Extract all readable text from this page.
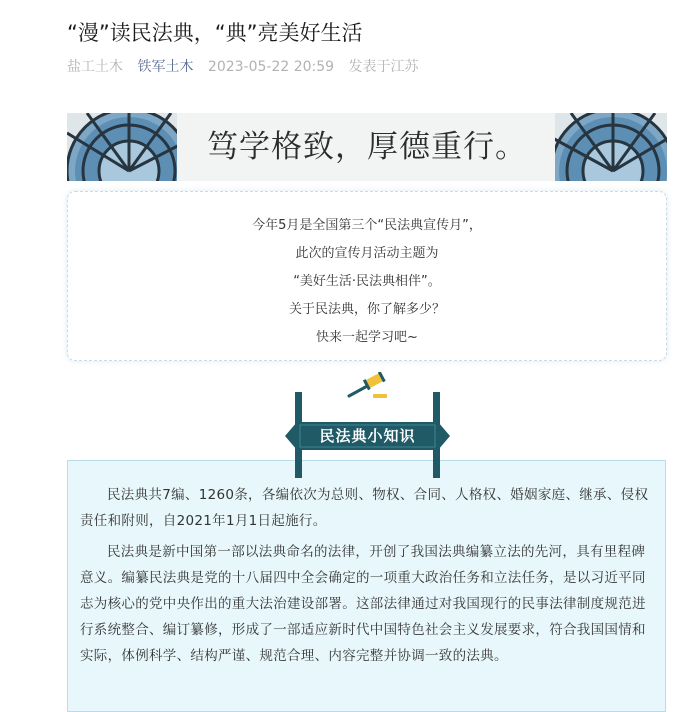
“漫”读民法典，“典”亮美好生活
盐工土木 铁军土木 2023-05-22 20:59 发表于江苏
笃学格致，厚德重行。
今年5月是全国第三个“民法典宣传月”，
此次的宣传月活动主题为
“美好生活·民法典相伴”。
关于民法典，你了解多少？
快来一起学习吧~
民法典小知识
民法典共7编、1260条，各编依次为总则、物权、合同、人格权、婚姻家庭、继承、侵权责任和附则，自2021年1月1日起施行。
民法典是新中国第一部以法典命名的法律，开创了我国法典编纂立法的先河，具有里程碑意义。编纂民法典是党的十八届四中全会确定的一项重大政治任务和立法任务，是以习近平同志为核心的党中央作出的重大法治建设部署。这部法律通过对我国现行的民事法律制度规范进行系统整合、编订纂修，形成了一部适应新时代中国特色社会主义发展要求，符合我国国情和实际，体例科学、结构严谨、规范合理、内容完整并协调一致的法典。
